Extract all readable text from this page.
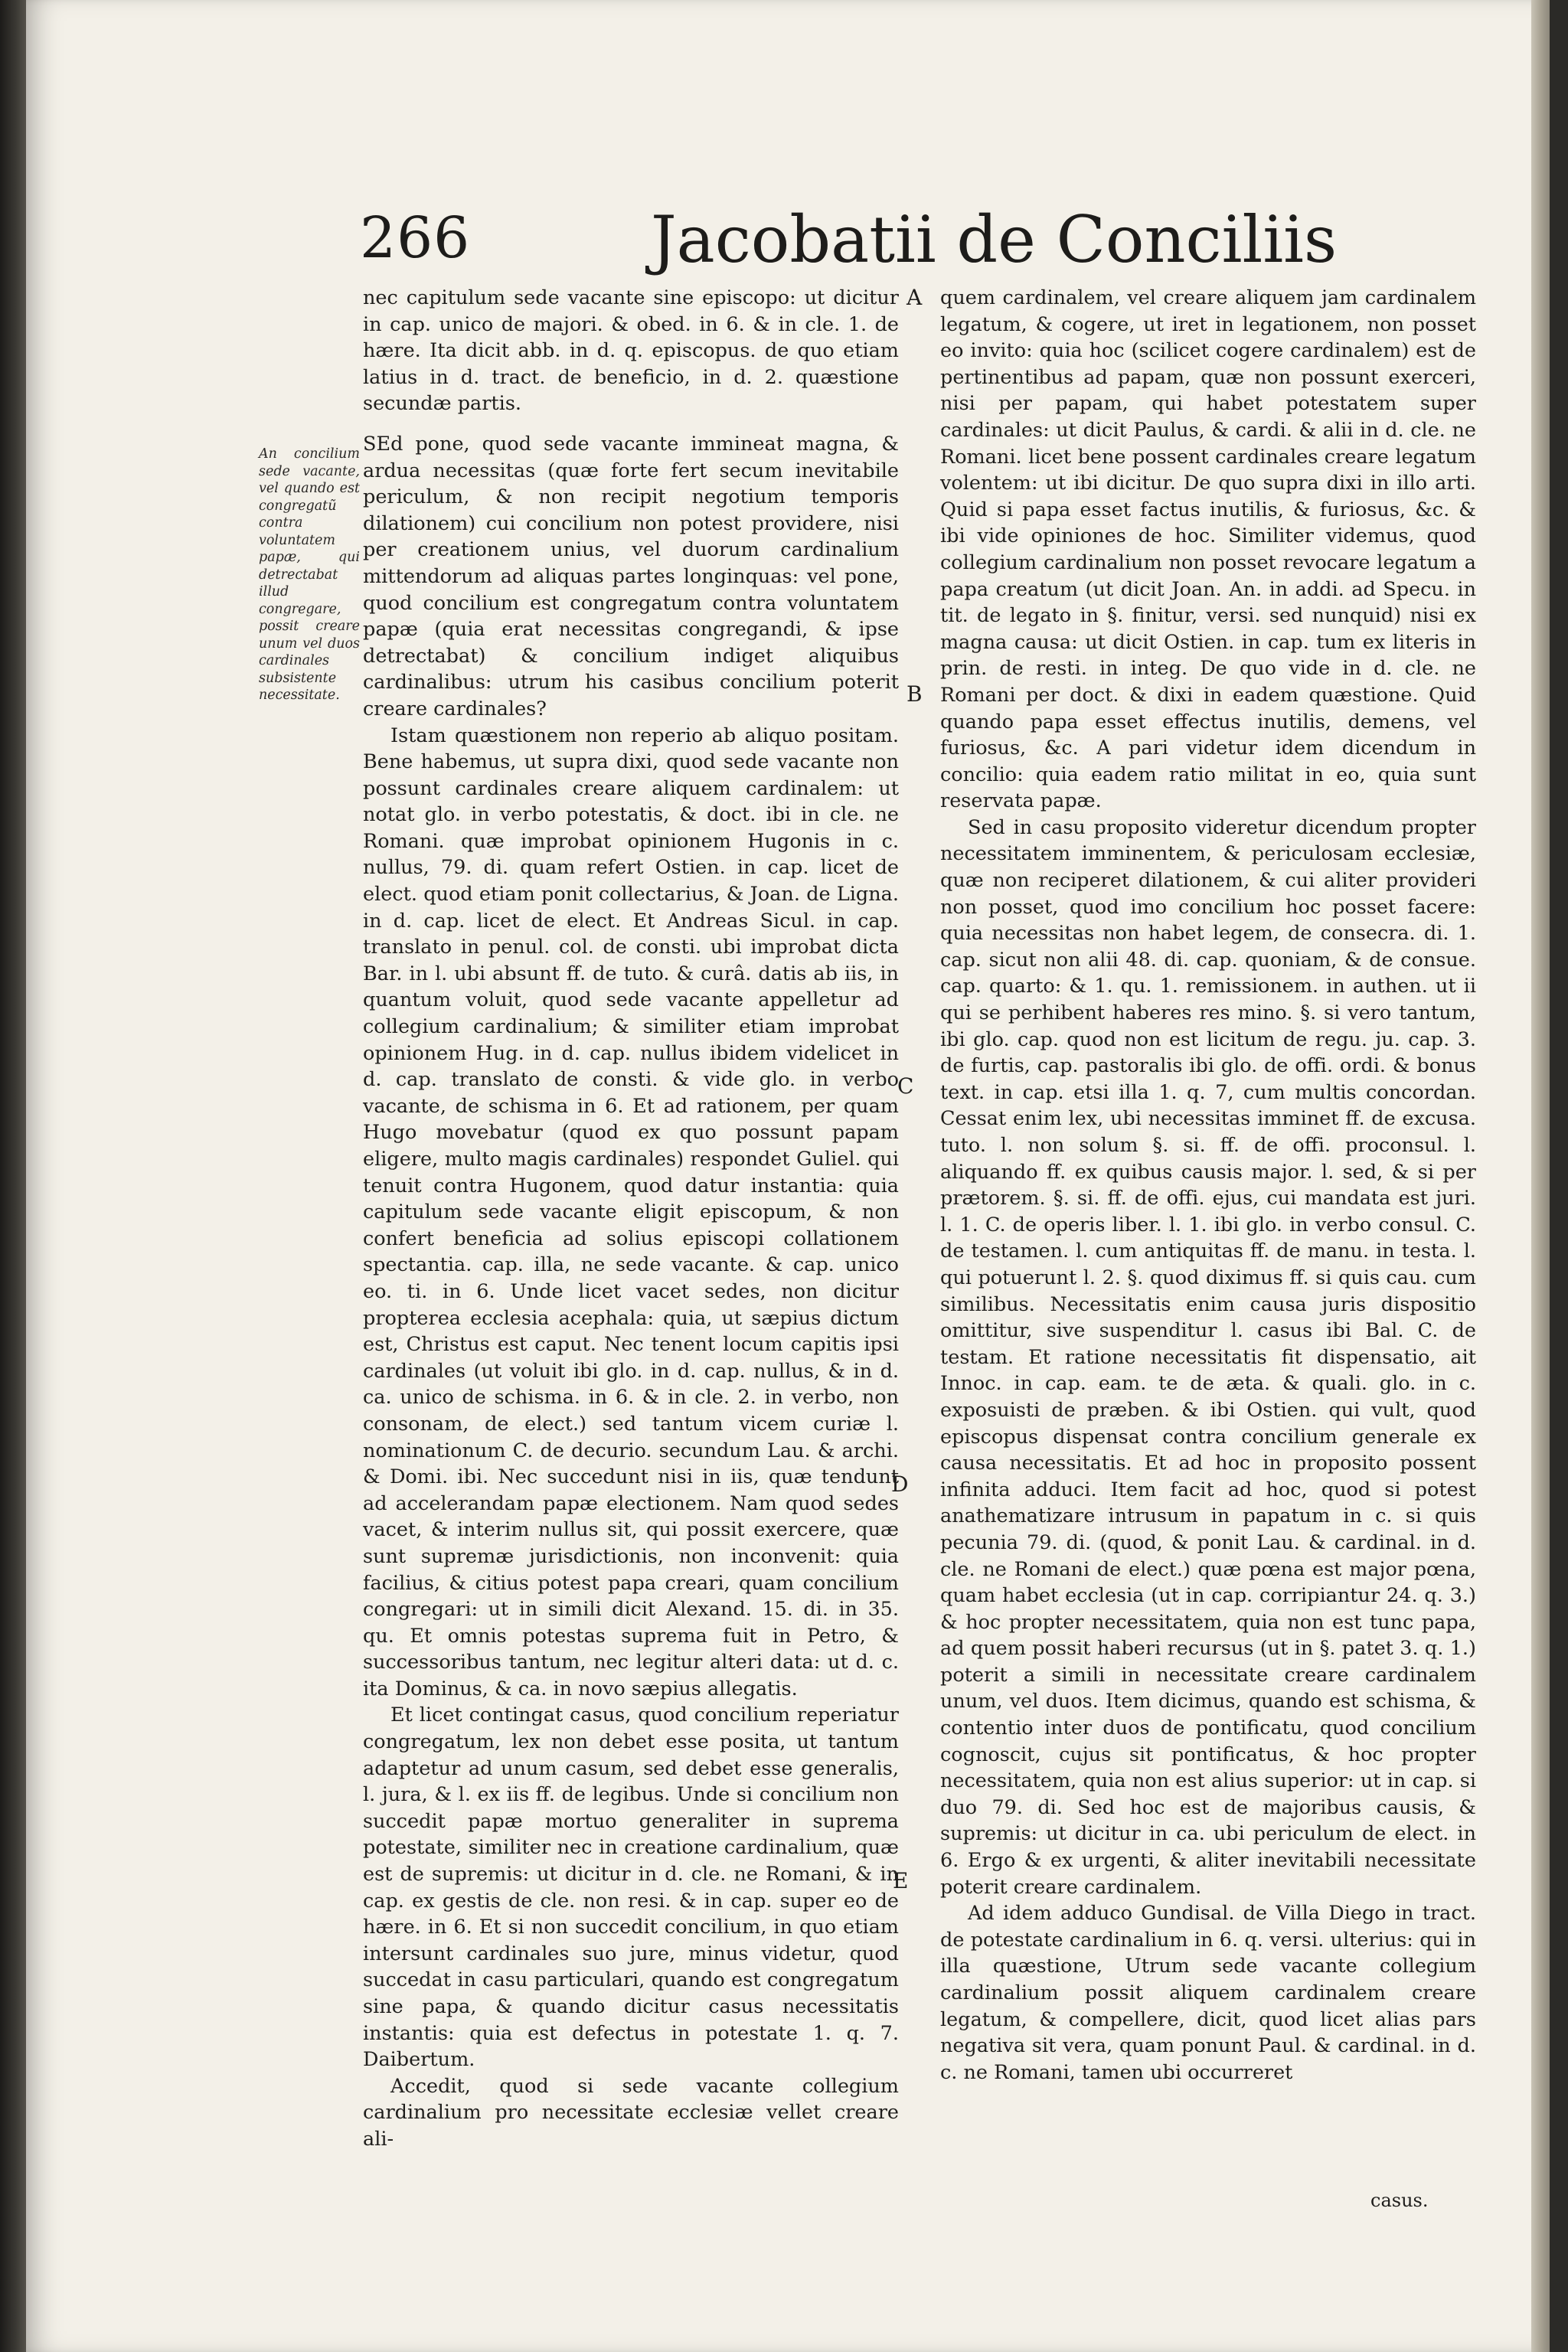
266	Jacobatii de Conciliis
An concilium sede vacante, vel quando est congregatũ contra voluntatem papæ, qui detrectabat illud congregare, possit creare unum vel duos cardinales subsistente necessitate.
A
B
C
D
E

nec capitulum sede vacante sine episcopo: ut dicitur in cap. unico de majori. & obed. in 6. & in cle. 1. de hære. Ita dicit abb. in d. q. episcopus. de quo etiam latius in d. tract. de beneficio, in d. 2. quæstione secundæ partis.

SEd pone, quod sede vacante immineat magna, & ardua necessitas (quæ forte fert secum inevitabile periculum, & non recipit negotium temporis dilationem) cui concilium non potest providere, nisi per creationem unius, vel duorum cardinalium mittendorum ad aliquas partes longinquas: vel pone, quod concilium est congregatum contra voluntatem papæ (quia erat necessitas congregandi, & ipse detrectabat) & concilium indiget aliquibus cardinalibus: utrum his casibus concilium poterit creare cardinales?

Istam quæstionem non reperio ab aliquo positam. Bene habemus, ut supra dixi, quod sede vacante non possunt cardinales creare aliquem cardinalem: ut notat glo. in verbo potestatis, & doct. ibi in cle. ne Romani. quæ improbat opinionem Hugonis in c. nullus, 79. di. quam refert Ostien. in cap. licet de elect. quod etiam ponit collectarius, & Joan. de Ligna. in d. cap. licet de elect. Et Andreas Sicul. in cap. translato in penul. col. de consti. ubi improbat dicta Bar. in l. ubi absunt ff. de tuto. & curâ. datis ab iis, in quantum voluit, quod sede vacante appelletur ad collegium cardinalium; & similiter etiam improbat opinionem Hug. in d. cap. nullus ibidem videlicet in d. cap. translato de consti. & vide glo. in verbo vacante, de schisma in 6. Et ad rationem, per quam Hugo movebatur (quod ex quo possunt papam eligere, multo magis cardinales) respondet Guliel. qui tenuit contra Hugonem, quod datur instantia: quia capitulum sede vacante eligit episcopum, & non confert beneficia ad solius episcopi collationem spectantia. cap. illa, ne sede vacante. & cap. unico eo. ti. in 6. Unde licet vacet sedes, non dicitur propterea ecclesia acephala: quia, ut sæpius dictum est, Christus est caput. Nec tenent locum capitis ipsi cardinales (ut voluit ibi glo. in d. cap. nullus, & in d. ca. unico de schisma. in 6. & in cle. 2. in verbo, non consonam, de elect.) sed tantum vicem curiæ l. nominationum C. de decurio. secundum Lau. & archi. & Domi. ibi. Nec succedunt nisi in iis, quæ tendunt ad accelerandam papæ electionem. Nam quod sedes vacet, & interim nullus sit, qui possit exercere, quæ sunt supremæ jurisdictionis, non inconvenit: quia facilius, & citius potest papa creari, quam concilium congregari: ut in simili dicit Alexand. 15. di. in 35. qu. Et omnis potestas suprema fuit in Petro, & successoribus tantum, nec legitur alteri data: ut d. c. ita Dominus, & ca. in novo sæpius allegatis.

Et licet contingat casus, quod concilium reperiatur congregatum, lex non debet esse posita, ut tantum adaptetur ad unum casum, sed debet esse generalis, l. jura, & l. ex iis ff. de legibus. Unde si concilium non succedit papæ mortuo generaliter in suprema potestate, similiter nec in creatione cardinalium, quæ est de supremis: ut dicitur in d. cle. ne Romani, & in cap. ex gestis de cle. non resi. & in cap. super eo de hære. in 6. Et si non succedit concilium, in quo etiam intersunt cardinales suo jure, minus videtur, quod succedat in casu particulari, quando est congregatum sine papa, & quando dicitur casus necessitatis instantis: quia est defectus in potestate 1. q. 7. Daibertum.

Accedit, quod si sede vacante collegium cardinalium pro necessitate ecclesiæ vellet creare ali-

quem cardinalem, vel creare aliquem jam cardinalem legatum, & cogere, ut iret in legationem, non posset eo invito: quia hoc (scilicet cogere cardinalem) est de pertinentibus ad papam, quæ non possunt exerceri, nisi per papam, qui habet potestatem super cardinales: ut dicit Paulus, & cardi. & alii in d. cle. ne Romani. licet bene possent cardinales creare legatum volentem: ut ibi dicitur. De quo supra dixi in illo arti. Quid si papa esset factus inutilis, & furiosus, &c. & ibi vide opiniones de hoc. Similiter videmus, quod collegium cardinalium non posset revocare legatum a papa creatum (ut dicit Joan. An. in addi. ad Specu. in tit. de legato in §. finitur, versi. sed nunquid) nisi ex magna causa: ut dicit Ostien. in cap. tum ex literis in prin. de resti. in integ. De quo vide in d. cle. ne Romani per doct. & dixi in eadem quæstione. Quid quando papa esset effectus inutilis, demens, vel furiosus, &c. A pari videtur idem dicendum in concilio: quia eadem ratio militat in eo, quia sunt reservata papæ.

Sed in casu proposito videretur dicendum propter necessitatem imminentem, & periculosam ecclesiæ, quæ non reciperet dilationem, & cui aliter provideri non posset, quod imo concilium hoc posset facere: quia necessitas non habet legem, de consecra. di. 1. cap. sicut non alii 48. di. cap. quoniam, & de consue. cap. quarto: & 1. qu. 1. remissionem. in authen. ut ii qui se perhibent haberes res mino. §. si vero tantum, ibi glo. cap. quod non est licitum de regu. ju. cap. 3. de furtis, cap. pastoralis ibi glo. de offi. ordi. & bonus text. in cap. etsi illa 1. q. 7, cum multis concordan. Cessat enim lex, ubi necessitas imminet ff. de excusa. tuto. l. non solum §. si. ff. de offi. proconsul. l. aliquando ff. ex quibus causis major. l. sed, & si per prætorem. §. si. ff. de offi. ejus, cui mandata est juri. l. 1. C. de operis liber. l. 1. ibi glo. in verbo consul. C. de testamen. l. cum antiquitas ff. de manu. in testa. l. qui potuerunt l. 2. §. quod diximus ff. si quis cau. cum similibus. Necessitatis enim causa juris dispositio omittitur, sive suspenditur l. casus ibi Bal. C. de testam. Et ratione necessitatis fit dispensatio, ait Innoc. in cap. eam. te de æta. & quali. glo. in c. exposuisti de præben. & ibi Ostien. qui vult, quod episcopus dispensat contra concilium generale ex causa necessitatis. Et ad hoc in proposito possent infinita adduci. Item facit ad hoc, quod si potest anathematizare intrusum in papatum in c. si quis pecunia 79. di. (quod, & ponit Lau. & cardinal. in d. cle. ne Romani de elect.) quæ pœna est major pœna, quam habet ecclesia (ut in cap. corripiantur 24. q. 3.) & hoc propter necessitatem, quia non est tunc papa, ad quem possit haberi recursus (ut in §. patet 3. q. 1.) poterit a simili in necessitate creare cardinalem unum, vel duos. Item dicimus, quando est schisma, & contentio inter duos de pontificatu, quod concilium cognoscit, cujus sit pontificatus, & hoc propter necessitatem, quia non est alius superior: ut in cap. si duo 79. di. Sed hoc est de majoribus causis, & supremis: ut dicitur in ca. ubi periculum de elect. in 6. Ergo & ex urgenti, & aliter inevitabili necessitate poterit creare cardinalem.

Ad idem adduco Gundisal. de Villa Diego in tract. de potestate cardinalium in 6. q. versi. ulterius: qui in illa quæstione, Utrum sede vacante collegium cardinalium possit aliquem cardinalem creare legatum, & compellere, dicit, quod licet alias pars negativa sit vera, quam ponunt Paul. & cardinal. in d. c. ne Romani, tamen ubi occurreret

casus.
